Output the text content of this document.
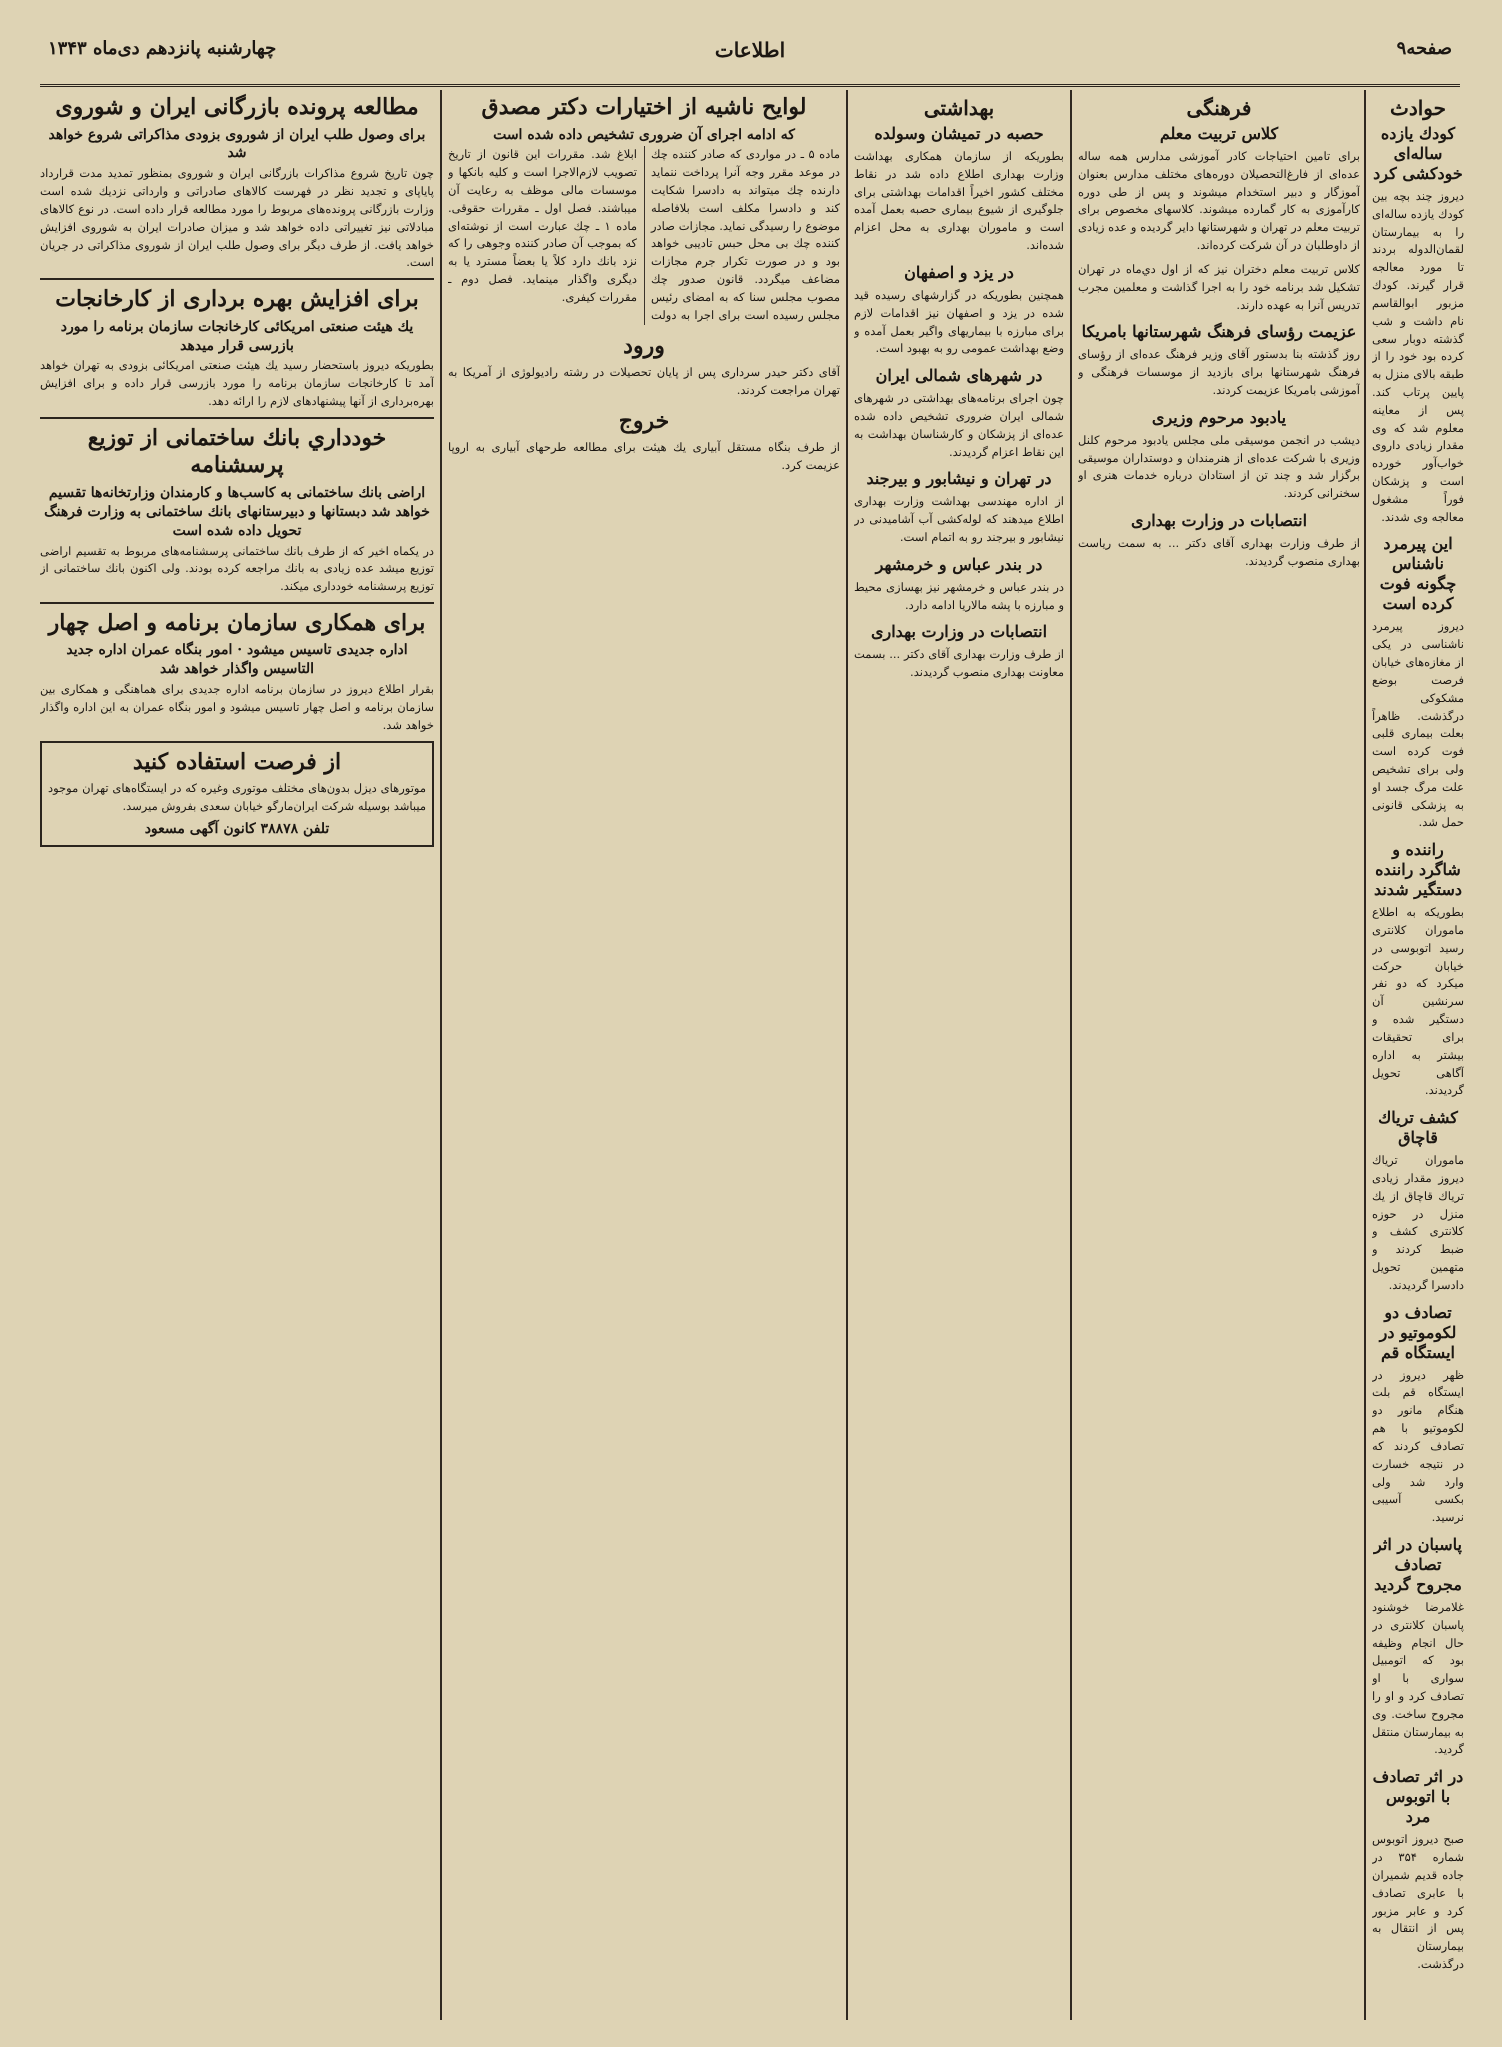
صفحه۹
اطلاعات
چهارشنبه پانزدهم دی‌ماه ۱۳۴۳
حوادث
كودك يازده ساله‌اى خودكشى كرد

ديروز چند بچه بين كودك يازده ساله‌اى را به بيمارستان لقمان‌الدوله بردند تا مورد معالجه قرار گيرند. كودك مزبور ابوالقاسم نام داشت و شب گذشته دوبار سعى كرده بود خود را از طبقه بالاى منزل به پايين پرتاب كند. پس از معاينه معلوم شد كه وى مقدار زيادى داروى خواب‌آور خورده است و پزشكان فوراً مشغول معالجه وى شدند.

اين پيرمرد ناشناس چگونه فوت كرده است

ديروز پيرمرد ناشناسى در يكى از مغازه‌هاى خيابان فرصت بوضع مشكوكى درگذشت. ظاهراً بعلت بيمارى قلبى فوت كرده است ولى براى تشخيص علت مرگ جسد او به پزشكى قانونى حمل شد.

راننده و شاگرد راننده دستگير شدند

بطوريكه به اطلاع ماموران كلانترى رسيد اتوبوسى در خيابان حركت ميكرد كه دو نفر سرنشين آن دستگير شده و براى تحقيقات بيشتر به اداره آگاهى تحويل گرديدند.

كشف ترياك قاچاق

ماموران ترياك ديروز مقدار زيادى ترياك قاچاق از يك منزل در حوزه كلانترى كشف و ضبط كردند و متهمين تحويل دادسرا گرديدند.

تصادف دو لكوموتيو در ايستگاه قم

ظهر ديروز در ايستگاه قم بلت هنگام مانور دو لكوموتيو با هم تصادف كردند كه در نتيجه خسارت وارد شد ولى بكسى آسيبى نرسيد.

پاسبان در اثر تصادف مجروح گرديد

غلامرضا خوشنود پاسبان كلانترى در حال انجام وظيفه بود كه اتومبيل سوارى با او تصادف كرد و او را مجروح ساخت. وى به بيمارستان منتقل گرديد.

در اثر تصادف با اتوبوس مرد

صبح ديروز اتوبوس شماره ۳۵۴ در جاده قديم شميران با عابرى تصادف كرد و عابر مزبور پس از انتقال به بيمارستان درگذشت.

فرهنگى
كلاس تربيت معلم

براى تامين احتياجات كادر آموزشى مدارس همه ساله عده‌اى از فارغ‌التحصيلان دوره‌هاى مختلف مدارس بعنوان آموزگار و دبير استخدام ميشوند و پس از طى دوره كارآموزى به كار گمارده ميشوند. كلاسهاى مخصوص براى تربيت معلم در تهران و شهرستانها داير گرديده و عده زيادى از داوطلبان در آن شركت كرده‌اند.

كلاس تربيت معلم دختران نيز كه از اول دي‌ماه در تهران تشكيل شد برنامه خود را به اجرا گذاشت و معلمين مجرب تدريس آنرا به عهده دارند.

عزيمت رؤساى فرهنگ شهرستانها بامريكا

روز گذشته بنا بدستور آقاى وزير فرهنگ عده‌اى از رؤساى فرهنگ شهرستانها براى بازديد از موسسات فرهنگى و آموزشى بامريكا عزيمت كردند.

يادبود مرحوم وزيرى

ديشب در انجمن موسيقى ملى مجلس يادبود مرحوم كلنل وزيرى با شركت عده‌اى از هنرمندان و دوستداران موسيقى برگزار شد و چند تن از استادان درباره خدمات هنرى او سخنرانى كردند.

انتصابات در وزارت بهدارى

از طرف وزارت بهدارى آقاى دكتر ... به سمت رياست بهدارى منصوب گرديدند.

بهداشتى
حصبه در تميشان وسولده

بطوريكه از سازمان همكارى بهداشت وزارت بهدارى اطلاع داده شد در نقاط مختلف كشور اخيراً اقدامات بهداشتى براى جلوگيرى از شيوع بيمارى حصبه بعمل آمده است و ماموران بهدارى به محل اعزام شده‌اند.

در يزد و اصفهان

همچنين بطوريكه در گزارشهاى رسيده قيد شده در يزد و اصفهان نيز اقدامات لازم براى مبارزه با بيماريهاى واگير بعمل آمده و وضع بهداشت عمومى رو به بهبود است.

در شهرهاى شمالى ايران

چون اجراى برنامه‌هاى بهداشتى در شهرهاى شمالى ايران ضرورى تشخيص داده شده عده‌اى از پزشكان و كارشناسان بهداشت به اين نقاط اعزام گرديدند.

در تهران و نيشابور و بيرجند

از اداره مهندسى بهداشت وزارت بهدارى اطلاع ميدهند كه لوله‌كشى آب آشاميدنى در نيشابور و بيرجند رو به اتمام است.

در بندر عباس و خرمشهر

در بندر عباس و خرمشهر نيز بهسازى محيط و مبارزه با پشه مالاريا ادامه دارد.

انتصابات در وزارت بهدارى

از طرف وزارت بهدارى آقاى دكتر ... بسمت معاونت بهدارى منصوب گرديدند.

لوايح ناشيه از اختيارات دكتر مصدق
كه ادامه اجراى آن ضرورى تشخيص داده شده است

ماده ۵ ـ در مواردى كه صادر كننده چك در موعد مقرر وجه آنرا پرداخت ننمايد دارنده چك ميتواند به دادسرا شكايت كند و دادسرا مكلف است بلافاصله موضوع را رسيدگى نمايد. مجازات صادر كننده چك بى محل حبس تاديبى خواهد بود و در صورت تكرار جرم مجازات مضاعف ميگردد. قانون صدور چك مصوب مجلس سنا كه به امضاى رئيس مجلس رسيده است براى اجرا به دولت ابلاغ شد. مقررات اين قانون از تاريخ تصويب لازم‌الاجرا است و كليه بانكها و موسسات مالى موظف به رعايت آن ميباشند. فصل اول ـ مقررات حقوقى. ماده ۱ ـ چك عبارت است از نوشته‌اى كه بموجب آن صادر كننده وجوهى را كه نزد بانك دارد كلاً يا بعضاً مسترد يا به ديگرى واگذار مينمايد. فصل دوم ـ مقررات كيفرى.

ورود

آقاى دكتر حيدر سردارى پس از پايان تحصيلات در رشته راديولوژى از آمريكا به تهران مراجعت كردند.

خروج

از طرف بنگاه مستقل آبيارى يك هيئت براى مطالعه طرحهاى آبيارى به اروپا عزيمت كرد.

مطالعه پرونده بازرگانى ايران و شوروى
براى وصول طلب ايران از شوروى بزودى مذاكراتى شروع خواهد شد

چون تاريخ شروع مذاكرات بازرگانى ايران و شوروى بمنظور تمديد مدت قرارداد پاياپاى و تجديد نظر در فهرست كالاهاى صادراتى و وارداتى نزديك شده است وزارت بازرگانى پرونده‌هاى مربوط را مورد مطالعه قرار داده است. در نوع كالاهاى مبادلاتى نيز تغييراتى داده خواهد شد و ميزان صادرات ايران به شوروى افزايش خواهد يافت. از طرف ديگر براى وصول طلب ايران از شوروى مذاكراتى در جريان است.

براى افزايش بهره بردارى از كارخانجات
يك هيئت صنعتى امريكائى كارخانجات سازمان برنامه را مورد بازرسى قرار ميدهد

بطوريكه ديروز باستحضار رسيد يك هيئت صنعتى امريكائى بزودى به تهران خواهد آمد تا كارخانجات سازمان برنامه را مورد بازرسى قرار داده و براى افزايش بهره‌بردارى از آنها پيشنهادهاى لازم را ارائه دهد.

خودداري بانك ساختمانى از توزيع پرسشنامه
اراضى بانك ساختمانى به كاسب‌ها و كارمندان وزارتخانه‌ها تقسيم خواهد شد دبستانها و دبيرستانهاى بانك ساختمانى به وزارت فرهنگ تحويل داده شده است

در يكماه اخير كه از طرف بانك ساختمانى پرسشنامه‌هاى مربوط به تقسيم اراضى توزيع ميشد عده زيادى به بانك مراجعه كرده بودند. ولى اكنون بانك ساختمانى از توزيع پرسشنامه خوددارى ميكند.

براى همكارى سازمان برنامه و اصل چهار
اداره جديدى تاسيس ميشود · امور بنگاه عمران اداره جديد التاسيس واگذار خواهد شد

بقرار اطلاع ديروز در سازمان برنامه اداره جديدى براى هماهنگى و همكارى بين سازمان برنامه و اصل چهار تاسيس ميشود و امور بنگاه عمران به اين اداره واگذار خواهد شد.

از فرصت استفاده كنيد

موتورهاى ديزل بدون‌هاى مختلف موتورى وغيره كه در ايستگاه‌هاى تهران موجود ميباشد بوسيله شركت ايران‌مارگو خيابان سعدى بفروش ميرسد.

تلفن ۳۸۸۷۸ كانون آگهى مسعود
